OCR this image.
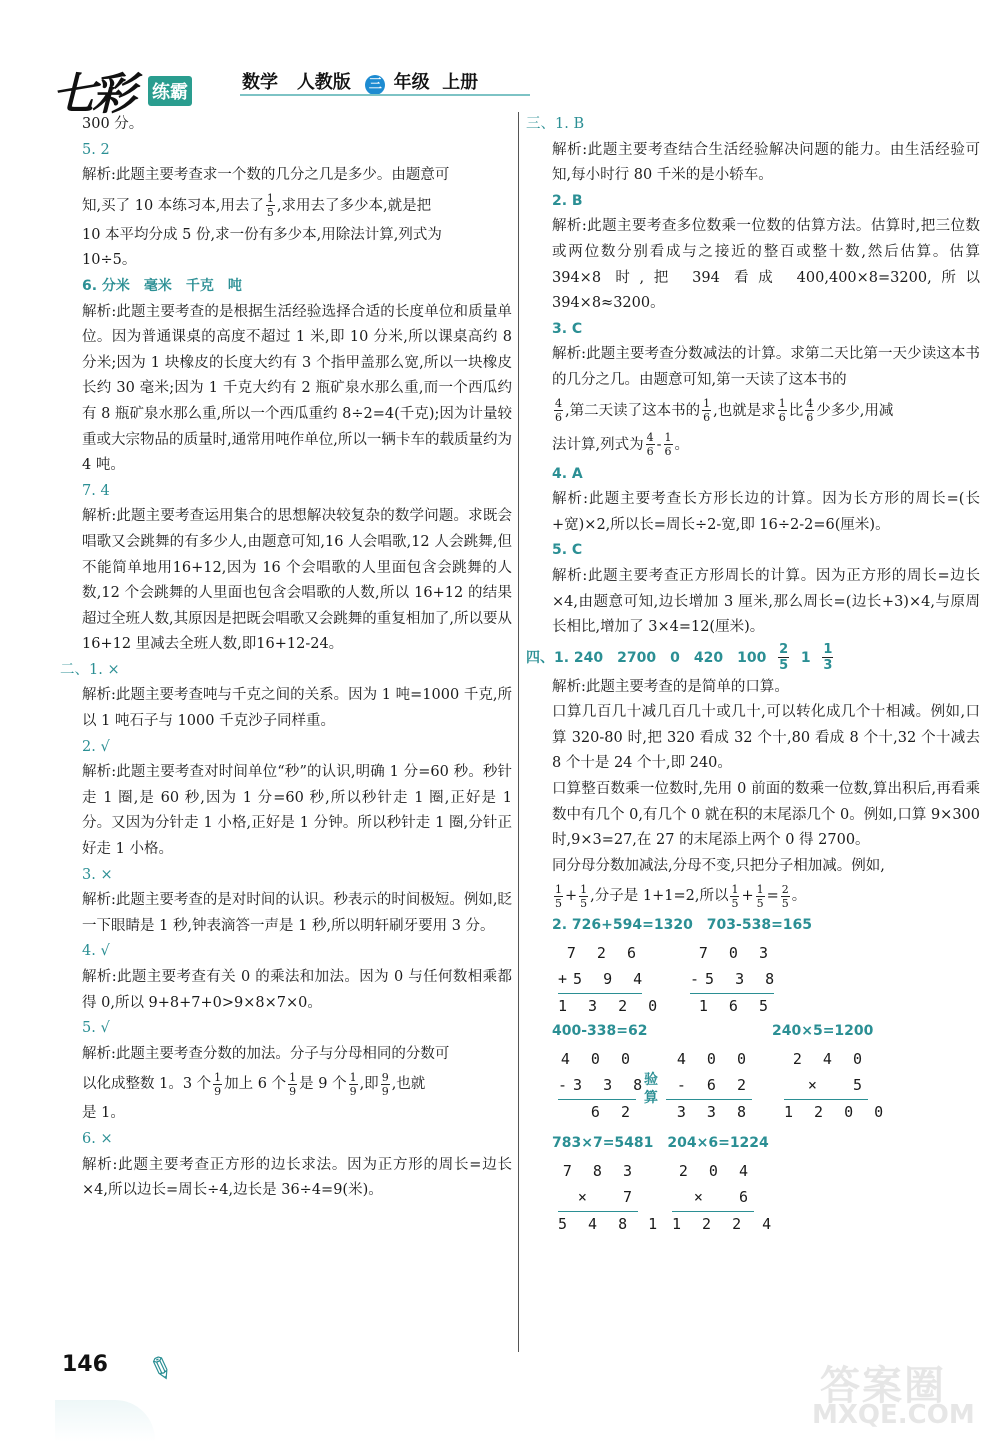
七彩 练霸	数学 人教版 三 年级 上册

300 分。

5. 2

解析:此题主要考查求一个数的几分之几是多少。由题意可

知,买了 10 本练习本,用去了 $\frac{1}{5}$ ,求用去了多少本,就是把

10 本平均分成 5 份,求一份有多少本,用除法计算,列式为

10÷5。

6. 分米　毫米　千克　吨

解析:此题主要考查的是根据生活经验选择合适的长度单位和质量单位。因为普通课桌的高度不超过 1 米,即 10 分米,所以课桌高约 8 分米;因为 1 块橡皮的长度大约有 3 个指甲盖那么宽,所以一块橡皮长约 30 毫米;因为 1 千克大约有 2 瓶矿泉水那么重,而一个西瓜约有 8 瓶矿泉水那么重,所以一个西瓜重约 8÷2=4(千克);因为计量较重或大宗物品的质量时,通常用吨作单位,所以一辆卡车的载质量约为 4 吨。

7. 4

解析:此题主要考查运用集合的思想解决较复杂的数学问题。求既会唱歌又会跳舞的有多少人,由题意可知,16 人会唱歌,12 人会跳舞,但不能简单地用16+12,因为 16 个会唱歌的人里面包含会跳舞的人数,12 个会跳舞的人里面也包含会唱歌的人数,所以 16+12 的结果超过全班人数,其原因是把既会唱歌又会跳舞的重复相加了,所以要从16+12 里减去全班人数,即16+12-24。

二、1. ×

解析:此题主要考查吨与千克之间的关系。因为 1 吨=1000 千克,所以 1 吨石子与 1000 千克沙子同样重。

2. √

解析:此题主要考查对时间单位“秒”的认识,明确 1 分=60 秒。秒针走 1 圈,是 60 秒,因为 1 分=60 秒,所以秒针走 1 圈,正好是 1 分。又因为分针走 1 小格,正好是 1 分钟。所以秒针走 1 圈,分针正好走 1 小格。

3. ×

解析:此题主要考查的是对时间的认识。秒表示的时间极短。例如,眨一下眼睛是 1 秒,钟表滴答一声是 1 秒,所以明轩刷牙要用 3 分。

4. √

解析:此题主要考查有关 0 的乘法和加法。因为 0 与任何数相乘都得 0,所以 9+8+7+0>9×8×7×0。

5. √

解析:此题主要考查分数的加法。分子与分母相同的分数可

以化成整数 1。3 个 $\frac{1}{9}$ 加上 6 个 $\frac{1}{9}$ 是 9 个 $\frac{1}{9}$ ,即 $\frac{9}{9}$ ,也就

是 1。

6. ×

解析:此题主要考查正方形的边长求法。因为正方形的周长=边长×4,所以边长=周长÷4,边长是 36÷4=9(米)。

三、1. B

解析:此题主要考查结合生活经验解决问题的能力。由生活经验可知,每小时行 80 千米的是小轿车。

2. B

解析:此题主要考查多位数乘一位数的估算方法。估算时,把三位数或两位数分别看成与之接近的整百或整十数,然后估算。估算 394×8 时,把 394 看成 400,400×8=3200,所以394×8≈3200。

3. C

解析:此题主要考查分数减法的计算。求第二天比第一天少读这本书的几分之几。由题意可知,第一天读了这本书的

$\frac{4}{6}$ ,第二天读了这本书的 $\frac{1}{6}$ ,也就是求 $\frac{1}{6}$ 比 $\frac{4}{6}$ 少多少,用减

法计算,列式为 $\frac{4}{6} - \frac{1}{6}$ 。

4. A

解析:此题主要考查长方形长边的计算。因为长方形的周长=(长+宽)×2,所以长=周长÷2-宽,即 16÷2-2=6(厘米)。

5. C

解析:此题主要考查正方形周长的计算。因为正方形的周长=边长×4,由题意可知,边长增加 3 厘米,那么周长=(边长+3)×4,与原周长相比,增加了 3×4=12(厘米)。

四、1. 240　2700　0　420　$100 \frac{2}{5} 1 \frac{1}{3}$

解析:此题主要考查的是简单的口算。

口算几百几十减几百几十或几十,可以转化成几个十相减。例如,口算 320-80 时,把 320 看成 32 个十,80 看成 8 个十,32 个十减去 8 个十是 24 个十,即 240。

口算整百数乘一位数时,先用 0 前面的数乘一位数,算出积后,再看乘数中有几个 0,有几个 0 就在积的末尾添几个 0。例如,口算 9×300 时,9×3=27,在 27 的末尾添上两个 0 得 2700。

同分母分数加减法,分母不变,只把分子相加减。例如,

$\frac{1}{5} + \frac{1}{5}$ ,分子是 1+1=2,所以 $\frac{1}{5} + \frac{1}{5} = \frac{2}{5}$ 。

2. 726+594=1320　703-538=165

7 2 6
+5 9 4
1 3 2 0
7 0 3
-5 3 8
1 6 5
400-338=62	240×5=1200
4 0 0
-3 3 8
6 2
验算
4 0 0
- 6 2
3 3 8
2 4 0
×  5
1 2 0 0

783×7=5481　204×6=1224

7 8 3
×  7
5 4 8 1
2 0 4
×  6
1 2 2 4
146 ✎	答案圈
MXQE.COM
